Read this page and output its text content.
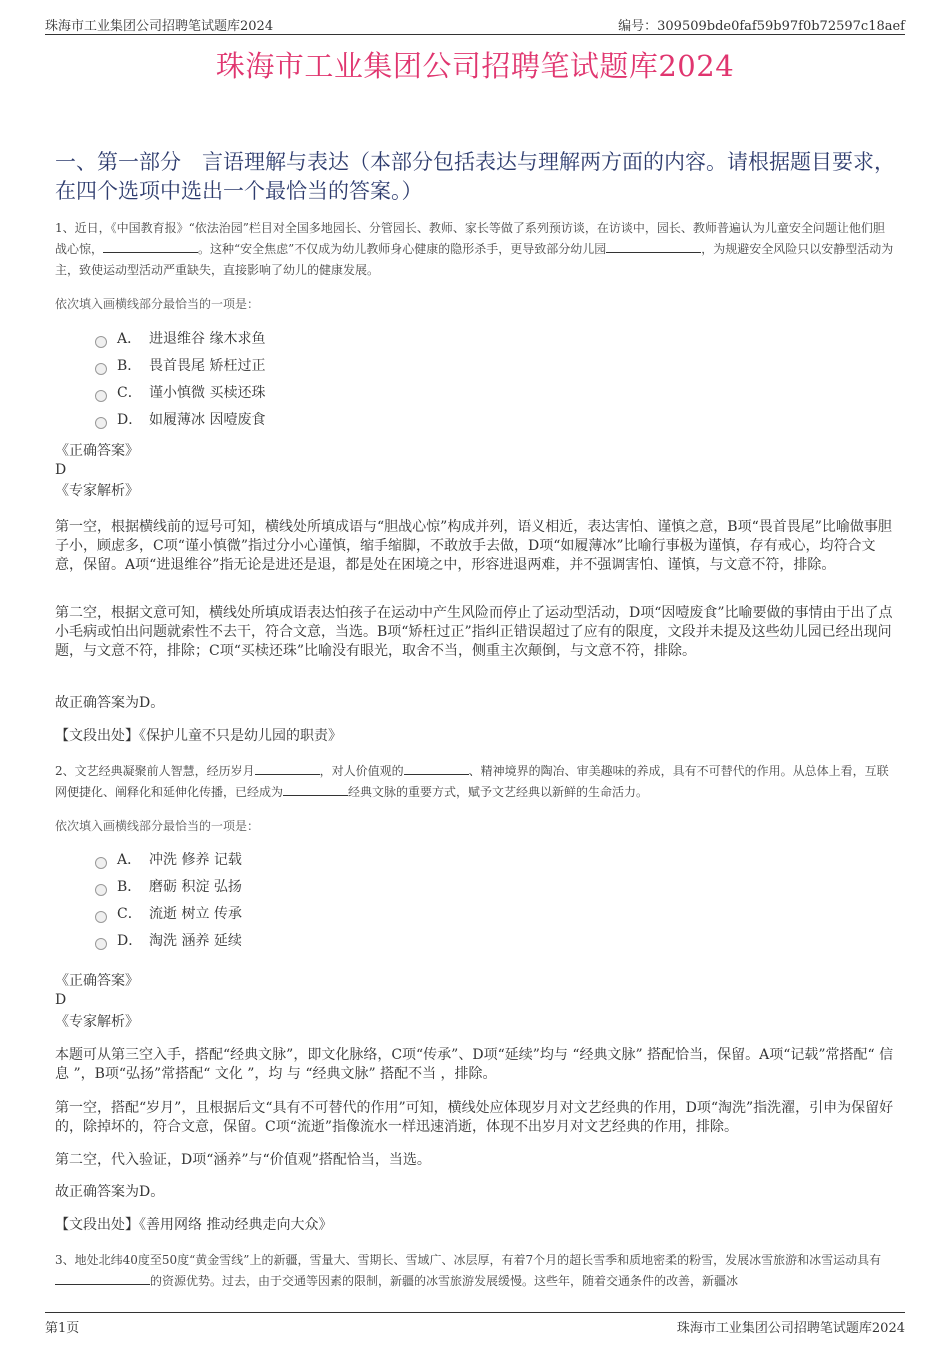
珠海市工业集团公司招聘笔试题库2024	编号：309509bde0faf59b97f0b72597c18aef
珠海市工业集团公司招聘笔试题库2024
一、第一部分　言语理解与表达（本部分包括表达与理解两方面的内容。请根据题目要求，在四个选项中选出一个最恰当的答案。）
1、近日，《中国教育报》“依法治园”栏目对全国多地园长、分管园长、教师、家长等做了系列预访谈，在访谈中，园长、教师普遍认为儿童安全问题让他们胆战心惊，	。这种“安全焦虑”不仅成为幼儿教师身心健康的隐形杀手，更导致部分幼儿园	，为规避安全风险只以安静型活动为主，致使运动型活动严重缺失，直接影响了幼儿的健康发展。
依次填入画横线部分最恰当的一项是：
A． 进退维谷 缘木求鱼
B． 畏首畏尾 矫枉过正
C． 谨小慎微 买椟还珠
D． 如履薄冰 因噎废食
《正确答案》
D
《专家解析》
第一空，根据横线前的逗号可知，横线处所填成语与“胆战心惊”构成并列，语义相近，表达害怕、谨慎之意，B项“畏首畏尾”比喻做事胆子小，顾虑多，C项“谨小慎微”指过分小心谨慎，缩手缩脚，不敢放手去做，D项“如履薄冰”比喻行事极为谨慎，存有戒心，均符合文意，保留。A项“进退维谷”指无论是进还是退，都是处在困境之中，形容进退两难，并不强调害怕、谨慎，与文意不符，排除。
第二空，根据文意可知，横线处所填成语表达怕孩子在运动中产生风险而停止了运动型活动，D项“因噎废食”比喻要做的事情由于出了点小毛病或怕出问题就索性不去干，符合文意，当选。B项“矫枉过正”指纠正错误超过了应有的限度，文段并未提及这些幼儿园已经出现问题，与文意不符，排除；C项“买椟还珠”比喻没有眼光，取舍不当，侧重主次颠倒，与文意不符，排除。
故正确答案为D。
【文段出处】《保护儿童不只是幼儿园的职责》
2、文艺经典凝聚前人智慧，经历岁月	，对人价值观的	、精神境界的陶冶、审美趣味的养成，具有不可替代的作用。从总体上看，互联网便捷化、阐释化和延伸化传播，已经成为	经典文脉的重要方式，赋予文艺经典以新鲜的生命活力。
依次填入画横线部分最恰当的一项是：
A． 冲洗 修养 记载
B． 磨砺 积淀 弘扬
C． 流逝 树立 传承
D． 淘洗 涵养 延续
《正确答案》
D
《专家解析》
本题可从第三空入手，搭配“经典文脉”，即文化脉络，C项“传承”、D项“延续”均与 “经典文脉” 搭配恰当，保留。A项“记载”常搭配“ 信息 ”，B项“弘扬”常搭配“ 文化 ”，均 与 “经典文脉” 搭配不当 ，排除。
第一空，搭配“岁月”，且根据后文“具有不可替代的作用”可知，横线处应体现岁月对文艺经典的作用，D项“淘洗”指洗濯，引申为保留好的，除掉坏的，符合文意，保留。C项“流逝”指像流水一样迅速消逝，体现不出岁月对文艺经典的作用，排除。
第二空，代入验证，D项“涵养”与“价值观”搭配恰当，当选。
故正确答案为D。
【文段出处】《善用网络 推动经典走向大众》
3、地处北纬40度至50度“黄金雪线”上的新疆，雪量大、雪期长、雪域广、冰层厚，有着7个月的超长雪季和质地密柔的粉雪，发展冰雪旅游和冰雪运动具有的资源优势。过去，由于交通等因素的限制，新疆的冰雪旅游发展缓慢。这些年，随着交通条件的改善，新疆冰
第1页	珠海市工业集团公司招聘笔试题库2024
